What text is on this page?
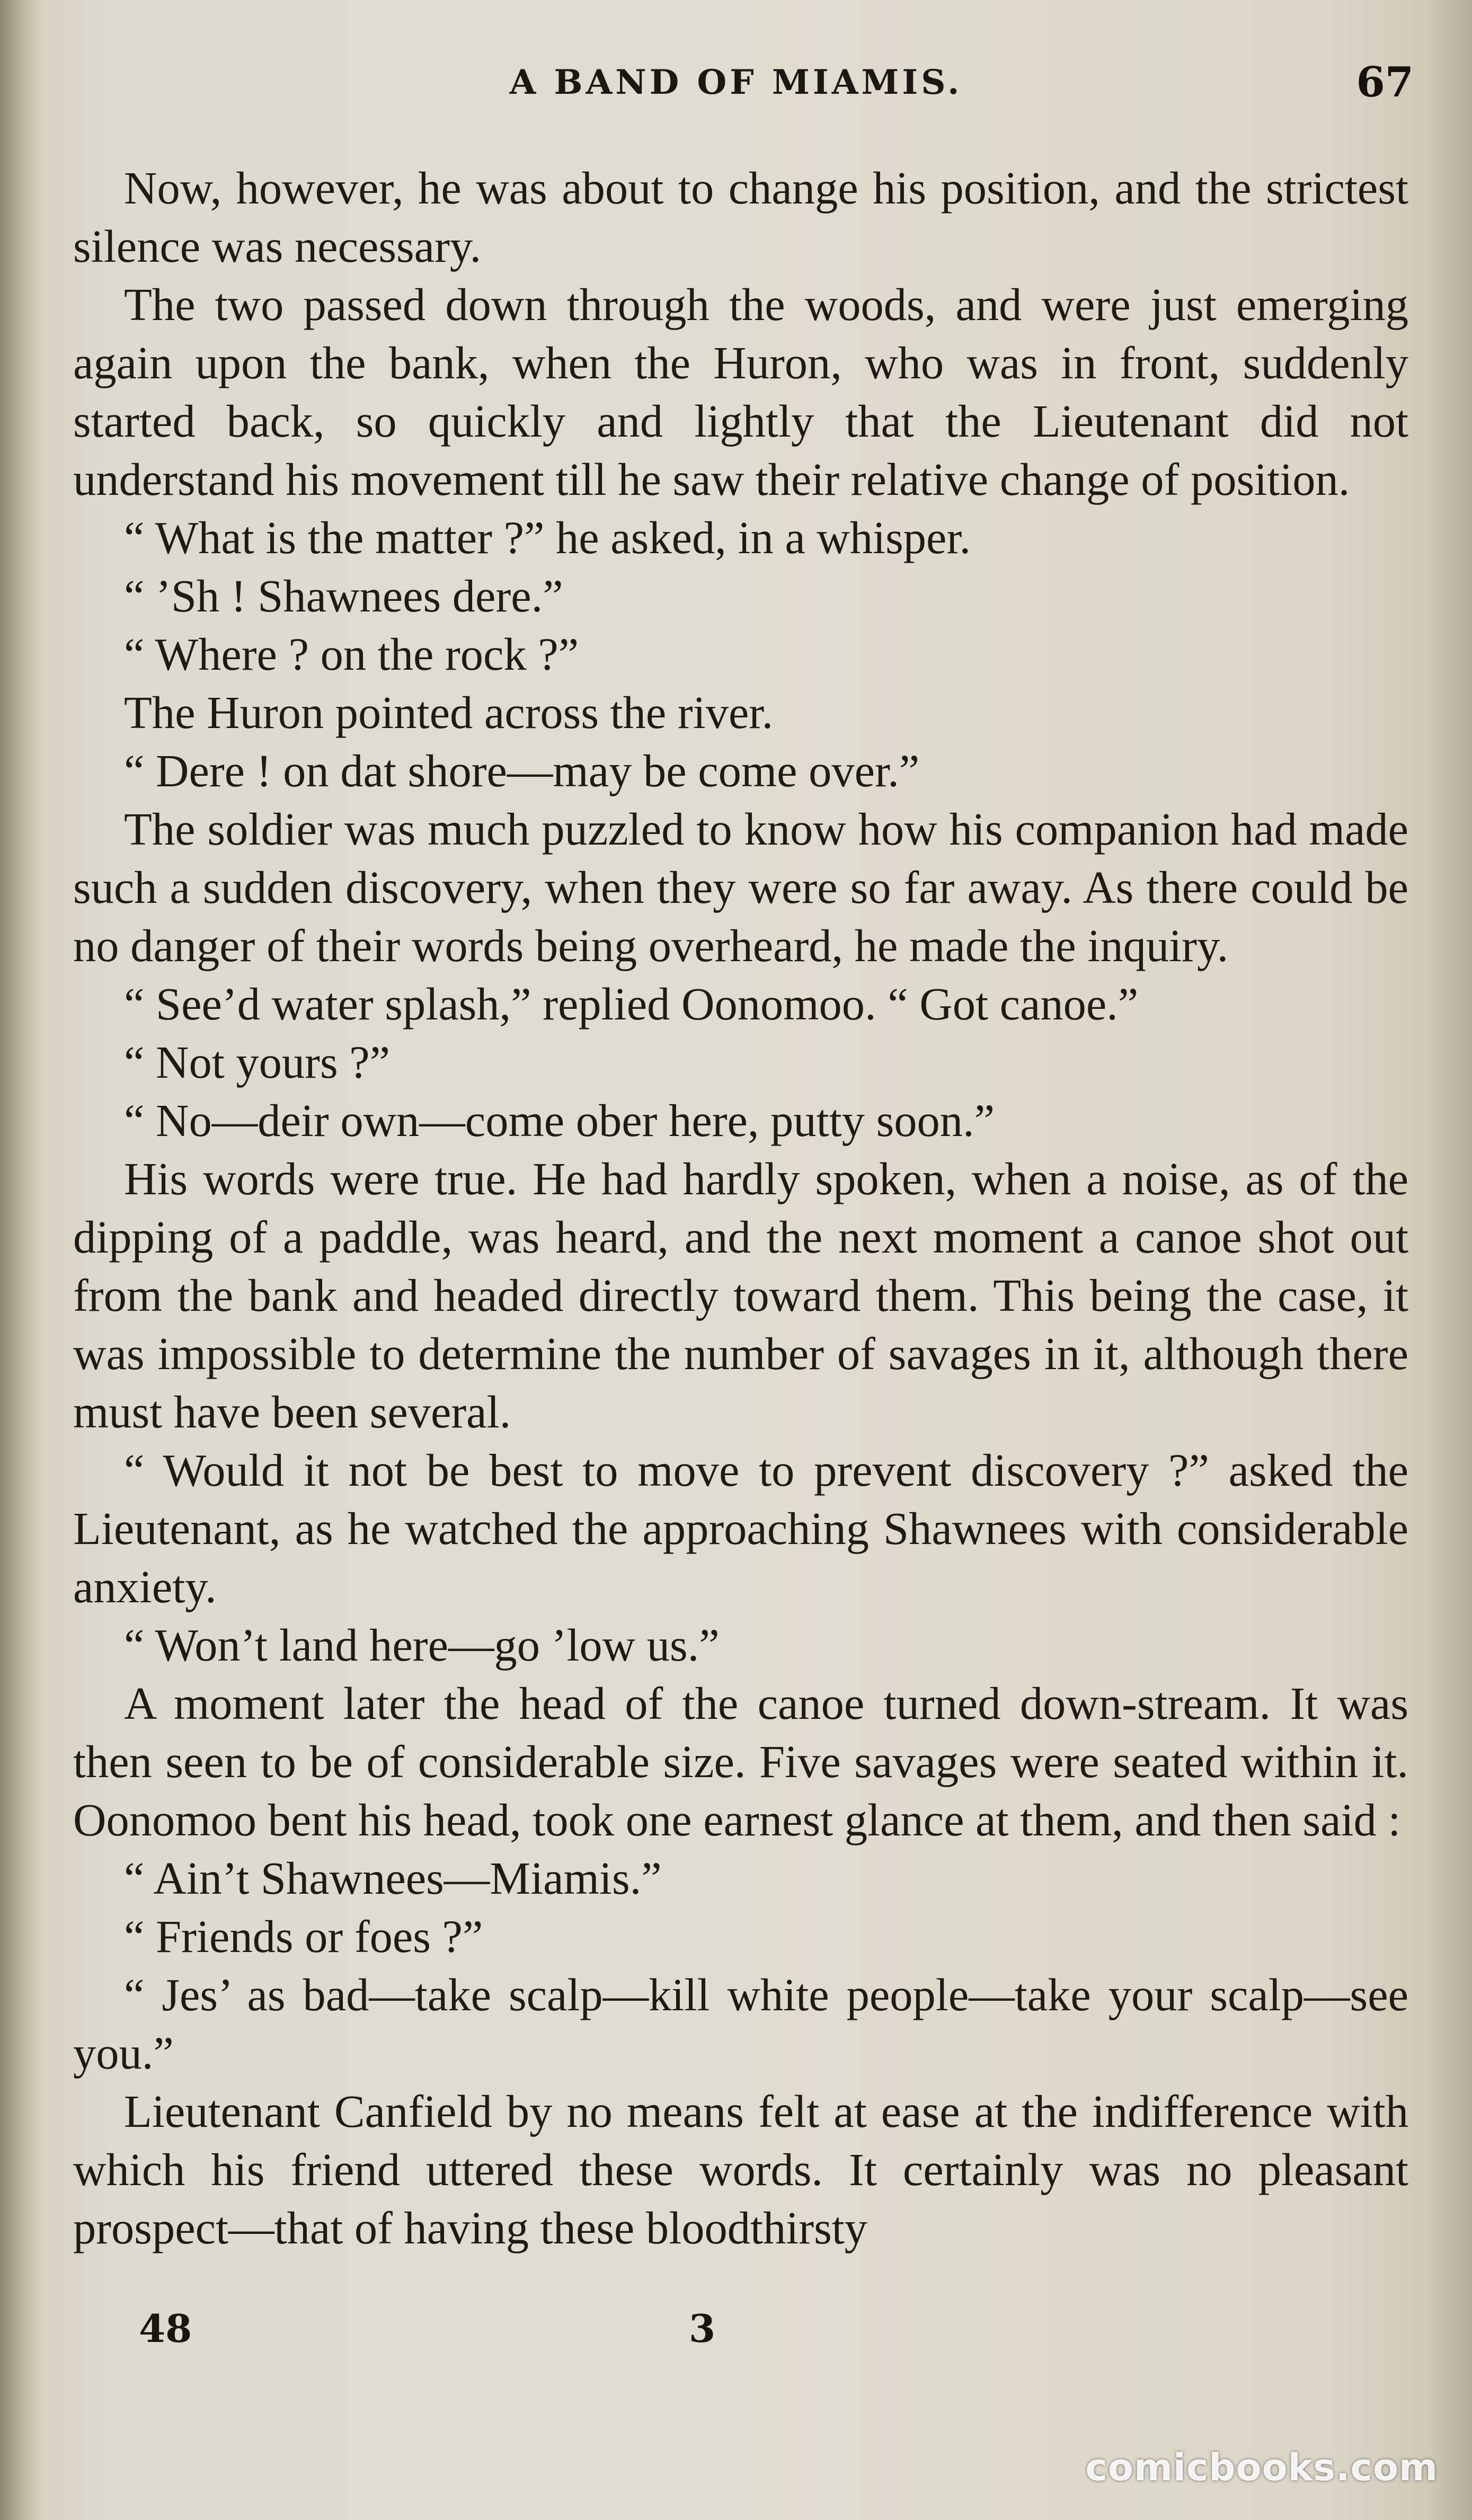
A BAND OF MIAMIS.	67

Now, however, he was about to change his position, and the strictest silence was necessary.

The two passed down through the woods, and were just emerging again upon the bank, when the Huron, who was in front, suddenly started back, so quickly and lightly that the Lieutenant did not understand his movement till he saw their relative change of position.

“ What is the matter ?” he asked, in a whisper.

“ ’Sh ! Shawnees dere.”

“ Where ? on the rock ?”

The Huron pointed across the river.

“ Dere ! on dat shore—may be come over.”

The soldier was much puzzled to know how his companion had made such a sudden discovery, when they were so far away. As there could be no danger of their words being overheard, he made the inquiry.

“ See’d water splash,” replied Oonomoo. “ Got canoe.”

“ Not yours ?”

“ No—deir own—come ober here, putty soon.”

His words were true. He had hardly spoken, when a noise, as of the dipping of a paddle, was heard, and the next moment a canoe shot out from the bank and headed directly toward them. This being the case, it was impossible to determine the number of savages in it, although there must have been several.

“ Would it not be best to move to prevent discovery ?” asked the Lieutenant, as he watched the approaching Shawnees with considerable anxiety.

“ Won’t land here—go ’low us.”

A moment later the head of the canoe turned down-stream. It was then seen to be of considerable size. Five savages were seated within it. Oonomoo bent his head, took one earnest glance at them, and then said :

“ Ain’t Shawnees—Miamis.”

“ Friends or foes ?”

“ Jes’ as bad—take scalp—kill white people—take your scalp—see you.”

Lieutenant Canfield by no means felt at ease at the indifference with which his friend uttered these words. It certainly was no pleasant prospect—that of having these bloodthirsty

48	3
comicbooks.com
